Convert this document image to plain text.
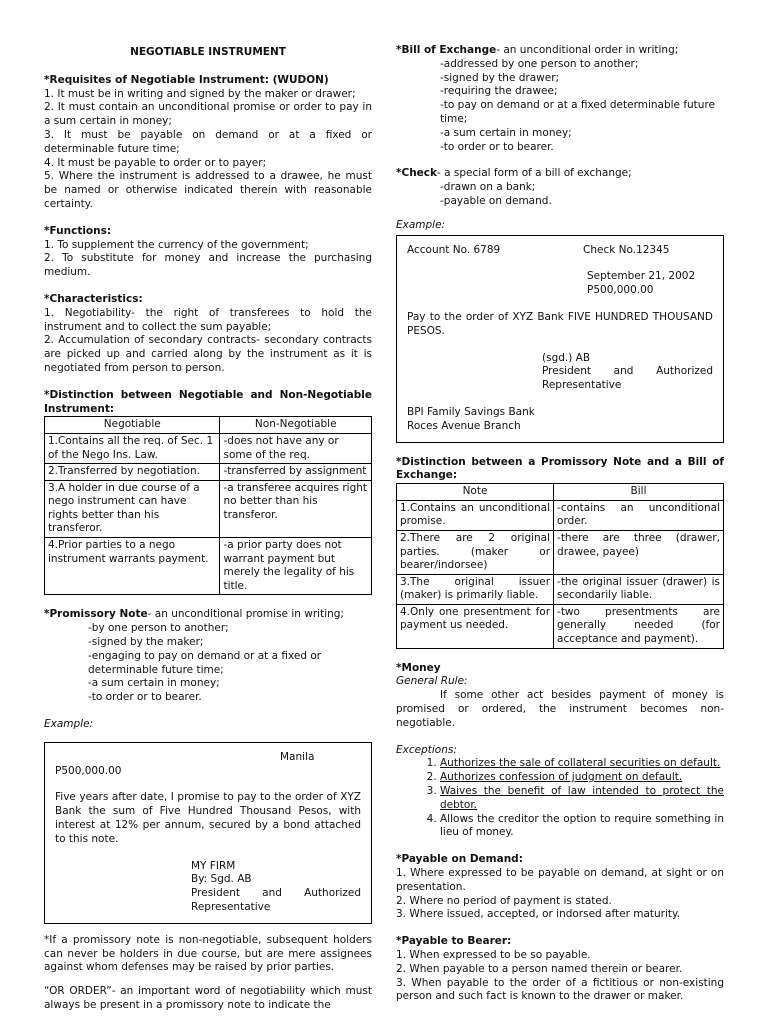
NEGOTIABLE INSTRUMENT

*Requisites of Negotiable Instrument: (WUDON)

1. It must be in writing and signed by the maker or drawer;

2. It must contain an unconditional promise or order to pay in a sum certain in money;

3. It must be payable on demand or at a fixed or determinable future time;

4. It must be payable to order or to payer;

5. Where the instrument is addressed to a drawee, he must be named or otherwise indicated therein with reasonable certainty.

*Functions:

1. To supplement the currency of the government;

2. To substitute for money and increase the purchasing medium.

*Characteristics:

1. Negotiability- the right of transferees to hold the instrument and to collect the sum payable;

2. Accumulation of secondary contracts- secondary contracts are picked up and carried along by the instrument as it is negotiated from person to person.

*Distinction between Negotiable and Non-Negotiable Instrument:

Negotiable	Non-Negotiable
1.Contains all the req. of Sec. 1 of the Nego Ins. Law.	-does not have any or some of the req.
2.Transferred by negotiation.	-transferred by assignment
3.A holder in due course of a nego instrument can have rights better than his transferor.	-a transferee acquires right no better than his transferor.
4.Prior parties to a nego instrument warrants payment.	-a prior party does not warrant payment but merely the legality of his title.

*Promissory Note- an unconditional promise in writing;

-by one person to another;

-signed by the maker;

-engaging to pay on demand or at a fixed or determinable future time;

-a sum certain in money;

-to order or to bearer.

Example:

Manila

P500,000.00

Five years after date, I promise to pay to the order of XYZ Bank the sum of Five Hundred Thousand Pesos, with interest at 12% per annum, secured by a bond attached to this note.

MY FIRM

By: Sgd. AB

President and Authorized

Representative

*If a promissory note is non-negotiable, subsequent holders can never be holders in due course, but are mere assignees against whom defenses may be raised by prior parties.

“OR ORDER”- an important word of negotiability which must always be present in a promissory note to indicate the

*Bill of Exchange- an unconditional order in writing;

-addressed by one person to another;

-signed by the drawer;

-requiring the drawee;

-to pay on demand or at a fixed determinable future time;

-a sum certain in money;

-to order or to bearer.

*Check- a special form of a bill of exchange;

-drawn on a bank;

-payable on demand.

Example:

Account No. 6789	Check No.12345

September 21, 2002

P500,000.00

Pay to the order of XYZ Bank FIVE HUNDRED THOUSAND PESOS.

(sgd.) AB

President and Authorized

Representative

BPI Family Savings Bank

Roces Avenue Branch

*Distinction between a Promissory Note and a Bill of Exchange:

Note	Bill
1.Contains an unconditional promise.	-contains an unconditional order.
2.There are 2 original parties. (maker or bearer/indorsee)	-there are three (drawer, drawee, payee)
3.The original issuer (maker) is primarily liable.	-the original issuer (drawer) is secondarily liable.
4.Only one presentment for payment us needed.	-two presentments are generally needed (for acceptance and payment).

*Money

General Rule:

If some other act besides payment of money is promised or ordered, the instrument becomes non-negotiable.

Exceptions:

1. Authorizes the sale of collateral securities on default.
2. Authorizes confession of judgment on default.
3. Waives the benefit of law intended to protect the debtor.
4. Allows the creditor the option to require something in lieu of money.

*Payable on Demand:

1. Where expressed to be payable on demand, at sight or on presentation.

2. Where no period of payment is stated.

3. Where issued, accepted, or indorsed after maturity.

*Payable to Bearer:

1. When expressed to be so payable.

2. When payable to a person named therein or bearer.

3. When payable to the order of a fictitious or non-existing person and such fact is known to the drawer or maker.
